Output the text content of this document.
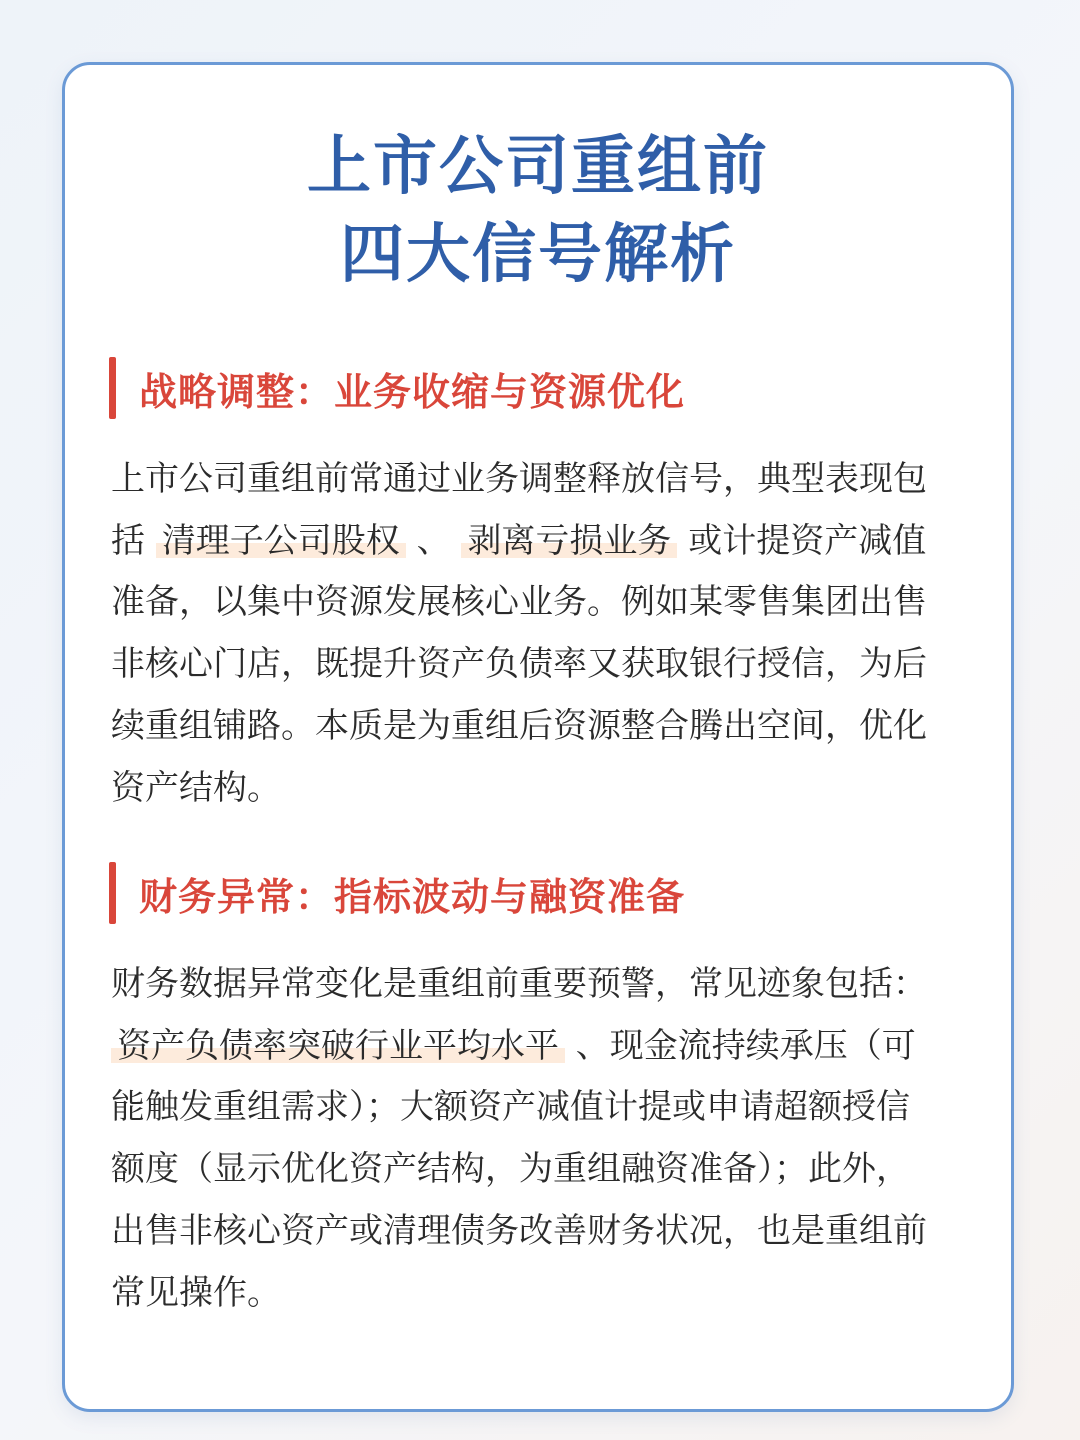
上市公司重组前
四大信号解析
战略调整：业务收缩与资源优化
上市公司重组前常通过业务调整释放信号，典型表现包
括 清理子公司股权 、 剥离亏损业务 或计提资产减值
准备，以集中资源发展核心业务。例如某零售集团出售
非核心门店，既提升资产负债率又获取银行授信，为后
续重组铺路。本质是为重组后资源整合腾出空间，优化
资产结构。
财务异常：指标波动与融资准备
财务数据异常变化是重组前重要预警，常见迹象包括：
资产负债率突破行业平均水平 、现金流持续承压（可
能触发重组需求）；大额资产减值计提或申请超额授信
额度（显示优化资产结构，为重组融资准备）；此外，
出售非核心资产或清理债务改善财务状况，也是重组前
常见操作。
